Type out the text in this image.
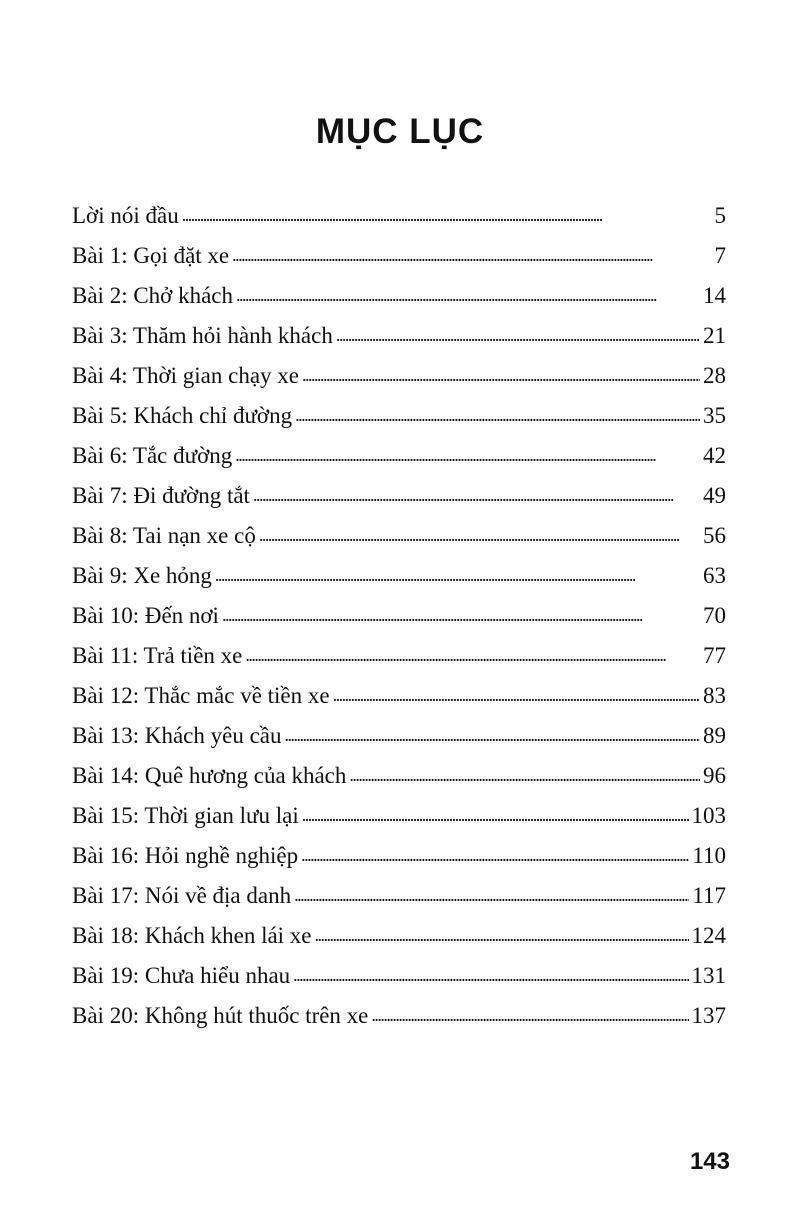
MỤC LỤC
Lời nói đầu . . .	5
Bài 1: Gọi đặt xe . . .	7
Bài 2: Chở khách . . .	14
Bài 3: Thăm hỏi hành khách . . .	21
Bài 4: Thời gian chạy xe . . .	28
Bài 5: Khách chỉ đường . . .	35
Bài 6: Tắc đường . . .	42
Bài 7: Đi đường tắt . . .	49
Bài 8: Tai nạn xe cộ . . .	56
Bài 9: Xe hỏng . . .	63
Bài 10: Đến nơi . . .	70
Bài 11: Trả tiền xe . . .	77
Bài 12: Thắc mắc về tiền xe . . .	83
Bài 13: Khách yêu cầu . . .	89
Bài 14: Quê hương của khách . . .	96
Bài 15: Thời gian lưu lại . . .	103
Bài 16: Hỏi nghề nghiệp . . .	110
Bài 17: Nói về địa danh . . .	117
Bài 18: Khách khen lái xe . . .	124
Bài 19: Chưa hiểu nhau . . .	131
Bài 20: Không hút thuốc trên xe . . .	137
143
